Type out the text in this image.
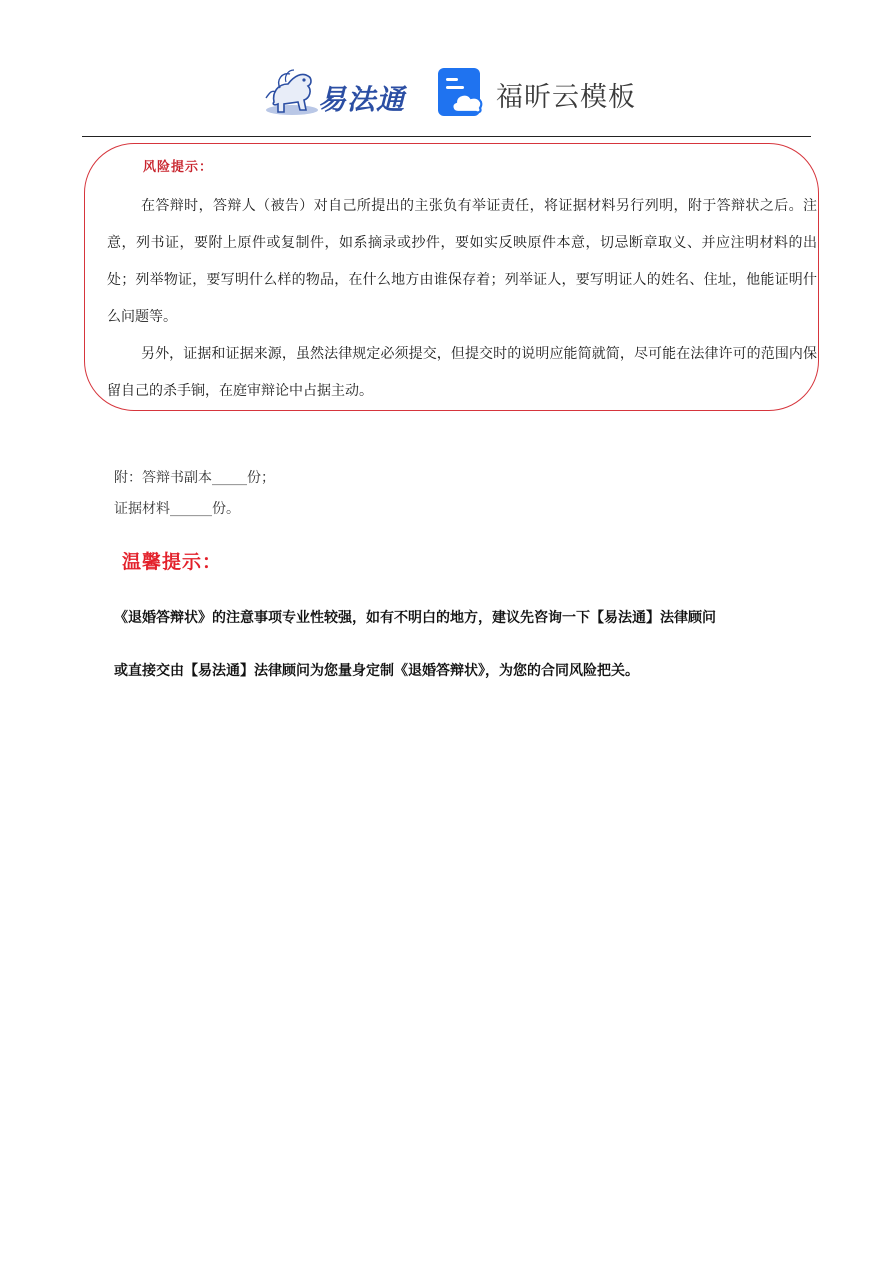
易法通	福昕云模板
风险提示：

在答辩时，答辩人（被告）对自己所提出的主张负有举证责任，将证据材料另行列明，附于答辩状之后。注意，列书证，要附上原件或复制件，如系摘录或抄件，要如实反映原件本意，切忌断章取义、并应注明材料的出处；列举物证，要写明什么样的物品，在什么地方由谁保存着；列举证人，要写明证人的姓名、住址，他能证明什么问题等。

另外，证据和证据来源，虽然法律规定必须提交，但提交时的说明应能简就简，尽可能在法律许可的范围内保留自己的杀手锏，在庭审辩论中占据主动。

附：答辩书副本_____份；
证据材料______份。
温馨提示：
《退婚答辩状》的注意事项专业性较强，如有不明白的地方，建议先咨询一下【易法通】法律顾问
或直接交由【易法通】法律顾问为您量身定制《退婚答辩状》，为您的合同风险把关。
